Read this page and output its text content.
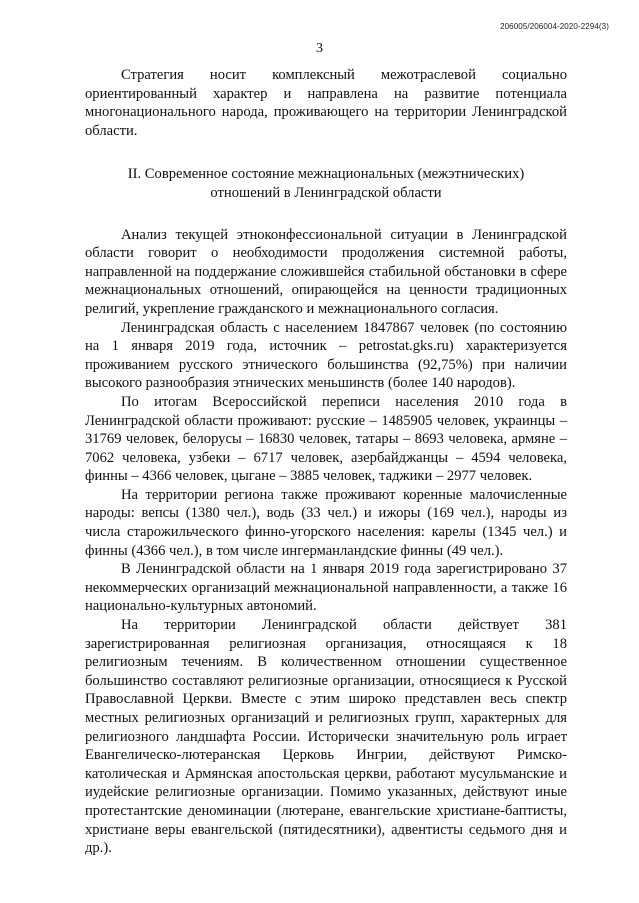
206005/206004-2020-2294(3)
3

Стратегия носит комплексный межотраслевой социально ориентированный характер и направлена на развитие потенциала многонационального народа, проживающего на территории Ленинградской области.

II. Современное состояние межнациональных (межэтнических)
отношений в Ленинградской области

Анализ текущей этноконфессиональной ситуации в Ленинградской области говорит о необходимости продолжения системной работы, направленной на поддержание сложившейся стабильной обстановки в сфере межнациональных отношений, опирающейся на ценности традиционных религий, укрепление гражданского и межнационального согласия.

Ленинградская область с населением 1847867 человек (по состоянию на 1 января 2019 года, источник – petrostat.gks.ru) характеризуется проживанием русского этнического большинства (92,75%) при наличии высокого разнообразия этнических меньшинств (более 140 народов).

По итогам Всероссийской переписи населения 2010 года в Ленинградской области проживают: русские – 1485905 человек, украинцы – 31769 человек, белорусы – 16830 человек, татары – 8693 человека, армяне – 7062 человека, узбеки – 6717 человек, азербайджанцы – 4594 человека, финны – 4366 человек, цыгане – 3885 человек, таджики – 2977 человек.

На территории региона также проживают коренные малочисленные народы: вепсы (1380 чел.), водь (33 чел.) и ижоры (169 чел.), народы из числа старожильческого финно-угорского населения: карелы (1345 чел.) и финны (4366 чел.), в том числе ингерманландские финны (49 чел.).

В Ленинградской области на 1 января 2019 года зарегистрировано 37 некоммерческих организаций межнациональной направленности, а также 16 национально-культурных автономий.

На территории Ленинградской области действует 381 зарегистрированная религиозная организация, относящаяся к 18 религиозным течениям. В количественном отношении существенное большинство составляют религиозные организации, относящиеся к Русской Православной Церкви. Вместе с этим широко представлен весь спектр местных религиозных организаций и религиозных групп, характерных для религиозного ландшафта России. Исторически значительную роль играет Евангелическо-лютеранская Церковь Ингрии, действуют Римско-католическая и Армянская апостольская церкви, работают мусульманские и иудейские религиозные организации. Помимо указанных, действуют иные протестантские деноминации (лютеране, евангельские христиане-баптисты, христиане веры евангельской (пятидесятники), адвентисты седьмого дня и др.).
